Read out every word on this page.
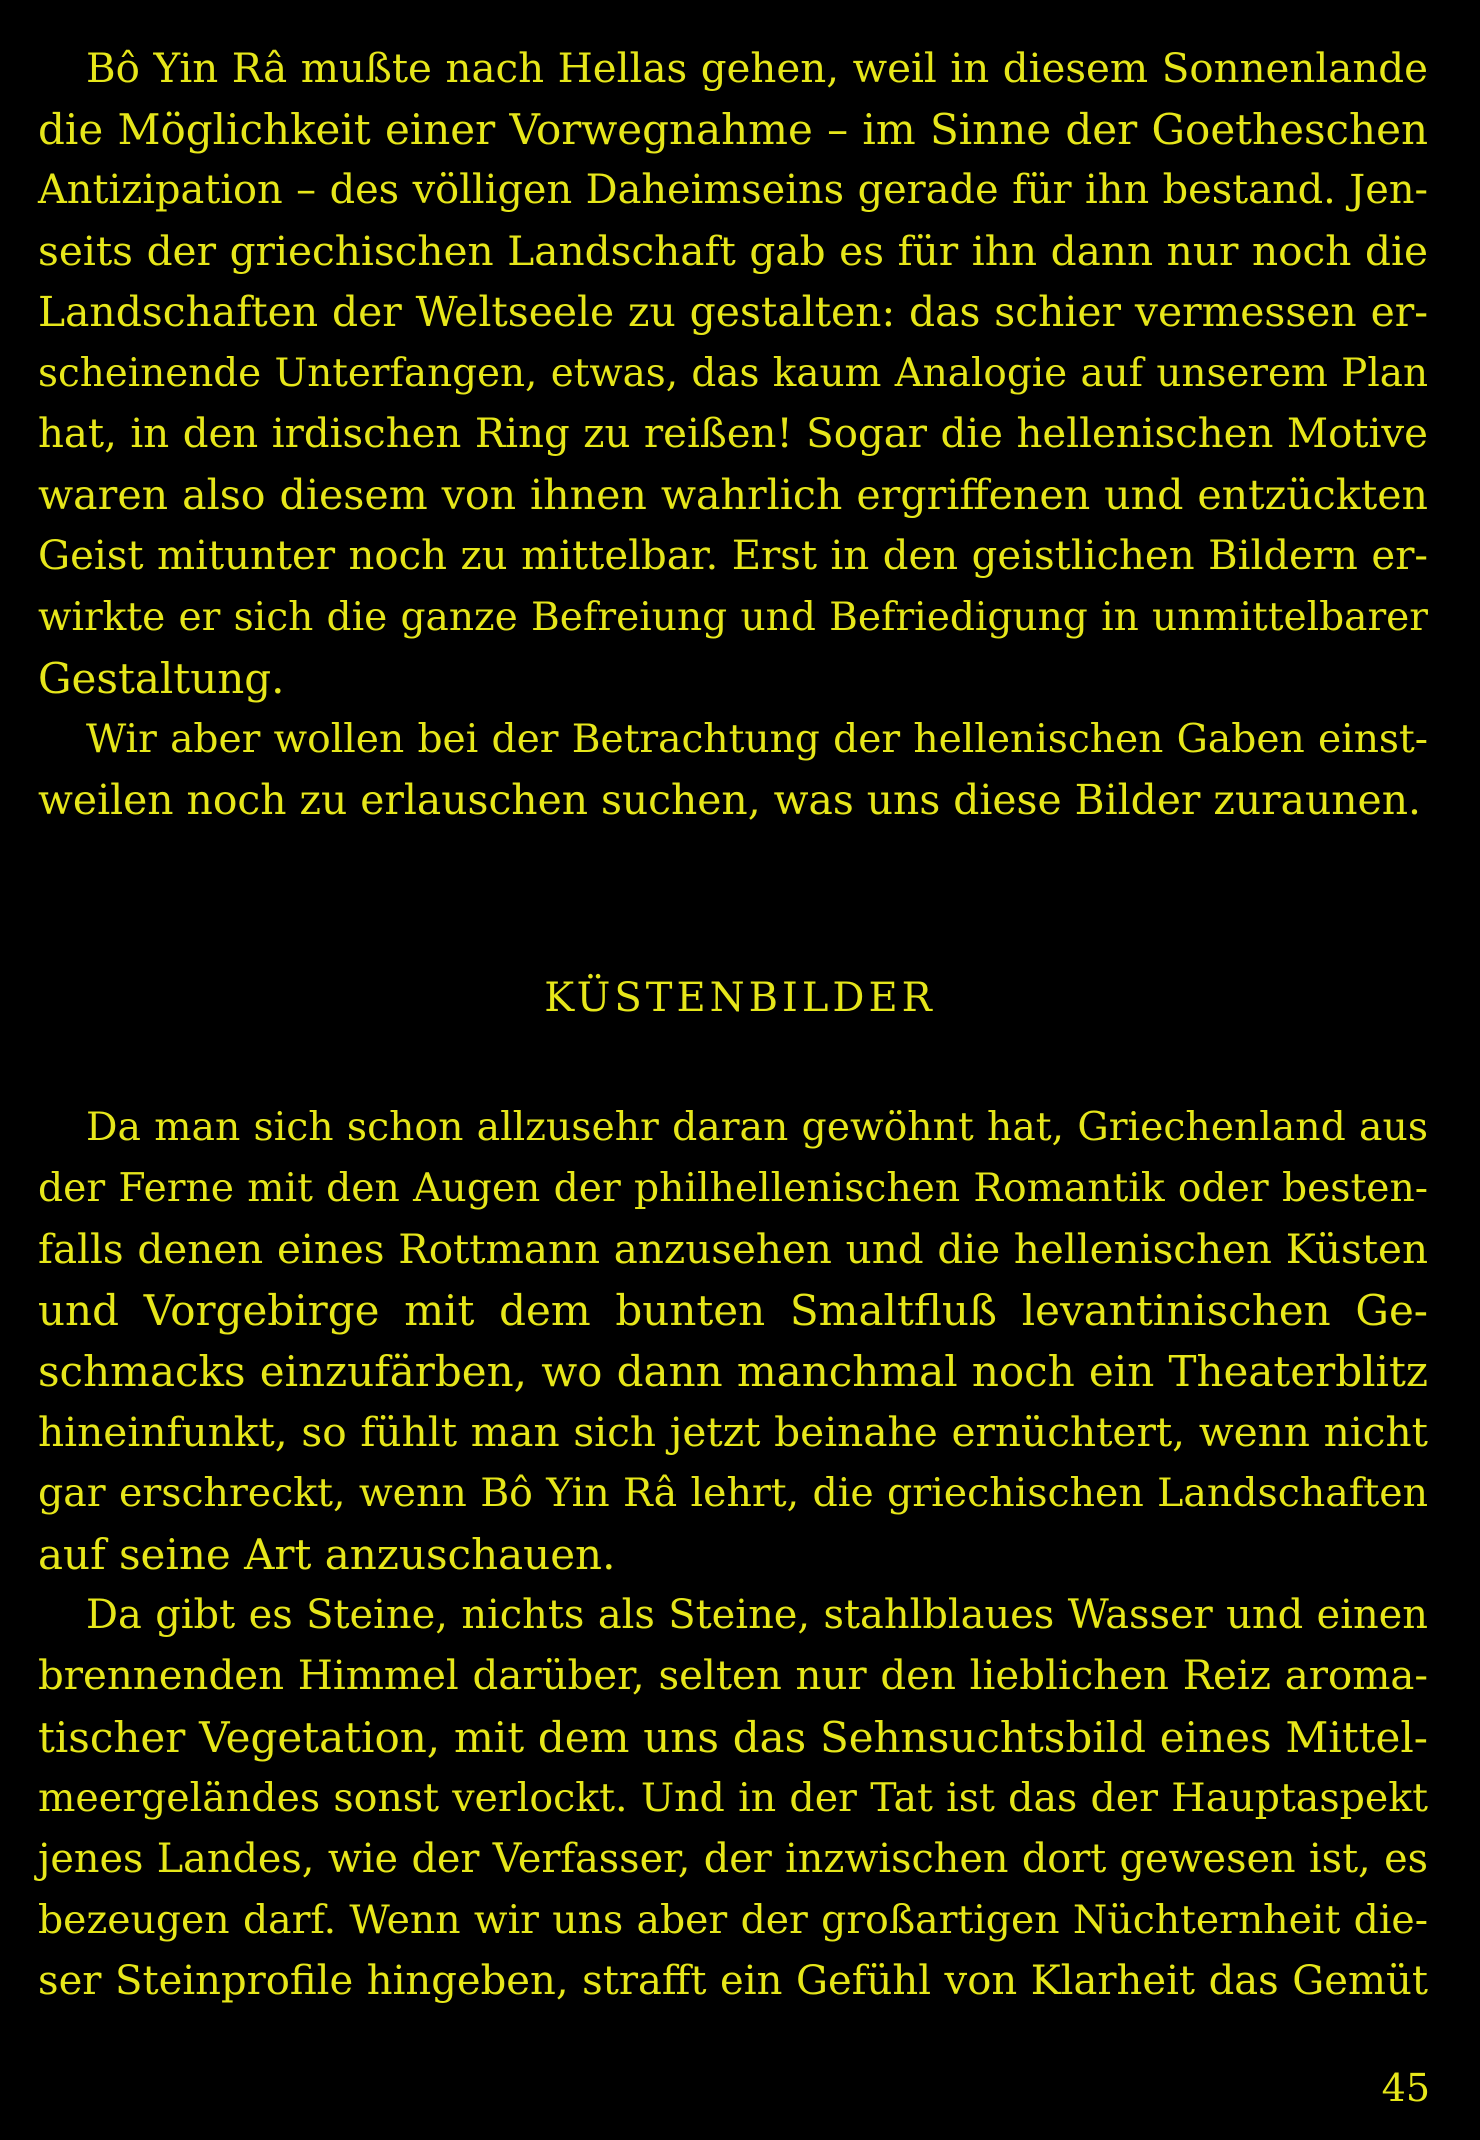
Bô Yin Râ mußte nach Hellas gehen, weil in diesem Sonnenlande
die Möglichkeit einer Vorwegnahme – im Sinne der Goetheschen
Antizipation – des völligen Daheimseins gerade für ihn bestand. Jen-
seits der griechischen Landschaft gab es für ihn dann nur noch die
Landschaften der Weltseele zu gestalten: das schier vermessen er-
scheinende Unterfangen, etwas, das kaum Analogie auf unserem Plan
hat, in den irdischen Ring zu reißen! Sogar die hellenischen Motive
waren also diesem von ihnen wahrlich ergriffenen und entzückten
Geist mitunter noch zu mittelbar. Erst in den geistlichen Bildern er-
wirkte er sich die ganze Befreiung und Befriedigung in unmittelbarer
Gestaltung.
Wir aber wollen bei der Betrachtung der hellenischen Gaben einst-
weilen noch zu erlauschen suchen, was uns diese Bilder zuraunen.
KÜSTENBILDER
Da man sich schon allzusehr daran gewöhnt hat, Griechenland aus
der Ferne mit den Augen der philhellenischen Romantik oder besten-
falls denen eines Rottmann anzusehen und die hellenischen Küsten
und Vorgebirge mit dem bunten Smaltfluß levantinischen Ge-
schmacks einzufärben, wo dann manchmal noch ein Theaterblitz
hineinfunkt, so fühlt man sich jetzt beinahe ernüchtert, wenn nicht
gar erschreckt, wenn Bô Yin Râ lehrt, die griechischen Landschaften
auf seine Art anzuschauen.
Da gibt es Steine, nichts als Steine, stahlblaues Wasser und einen
brennenden Himmel darüber, selten nur den lieblichen Reiz aroma-
tischer Vegetation, mit dem uns das Sehnsuchtsbild eines Mittel-
meergeländes sonst verlockt. Und in der Tat ist das der Hauptaspekt
jenes Landes, wie der Verfasser, der inzwischen dort gewesen ist, es
bezeugen darf. Wenn wir uns aber der großartigen Nüchternheit die-
ser Steinprofile hingeben, strafft ein Gefühl von Klarheit das Gemüt
45
